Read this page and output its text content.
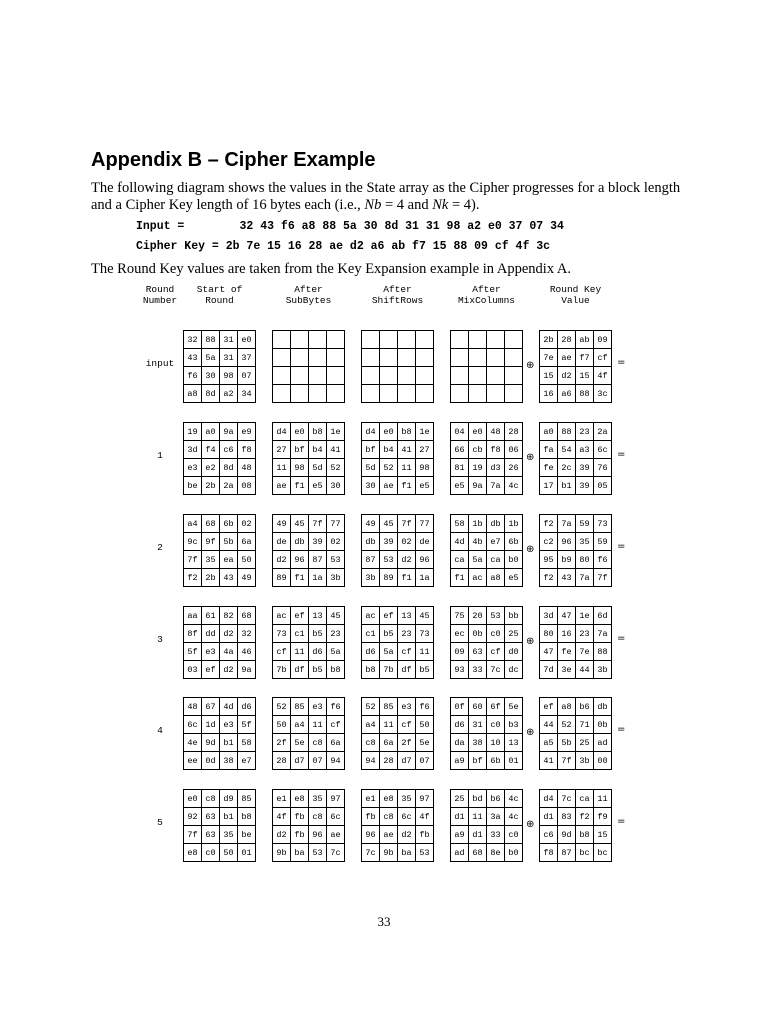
Appendix B – Cipher Example

The following diagram shows the values in the State array as the Cipher progresses for a block length and a Cipher Key length of 16 bytes each (i.e., Nb = 4 and Nk = 4).

Input =        32 43 f6 a8 88 5a 30 8d 31 31 98 a2 e0 37 07 34
Cipher Key = 2b 7e 15 16 28 ae d2 a6 ab f7 15 88 09 cf 4f 3c

The Round Key values are taken from the Key Expansion example in Appendix A.

Round
Number
Start of
Round
After
SubBytes
After
ShiftRows
After
MixColumns
Round Key
Value
input
32	88	31	e0
43	5a	31	37
f6	30	98	07
a8	8d	a2	34

2b	28	ab	09
7e	ae	f7	cf
15	d2	15	4f
16	a6	88	3c
⊕	=
1
19	a0	9a	e9
3d	f4	c6	f8
e3	e2	8d	48
be	2b	2a	08
d4	e0	b8	1e
27	bf	b4	41
11	98	5d	52
ae	f1	e5	30
d4	e0	b8	1e
bf	b4	41	27
5d	52	11	98
30	ae	f1	e5
04	e0	48	28
66	cb	f8	06
81	19	d3	26
e5	9a	7a	4c
a0	88	23	2a
fa	54	a3	6c
fe	2c	39	76
17	b1	39	05
⊕	=
2
a4	68	6b	02
9c	9f	5b	6a
7f	35	ea	50
f2	2b	43	49
49	45	7f	77
de	db	39	02
d2	96	87	53
89	f1	1a	3b
49	45	7f	77
db	39	02	de
87	53	d2	96
3b	89	f1	1a
58	1b	db	1b
4d	4b	e7	6b
ca	5a	ca	b0
f1	ac	a8	e5
f2	7a	59	73
c2	96	35	59
95	b9	80	f6
f2	43	7a	7f
⊕	=
3
aa	61	82	68
8f	dd	d2	32
5f	e3	4a	46
03	ef	d2	9a
ac	ef	13	45
73	c1	b5	23
cf	11	d6	5a
7b	df	b5	b8
ac	ef	13	45
c1	b5	23	73
d6	5a	cf	11
b8	7b	df	b5
75	20	53	bb
ec	0b	c0	25
09	63	cf	d0
93	33	7c	dc
3d	47	1e	6d
80	16	23	7a
47	fe	7e	88
7d	3e	44	3b
⊕	=
4
48	67	4d	d6
6c	1d	e3	5f
4e	9d	b1	58
ee	0d	38	e7
52	85	e3	f6
50	a4	11	cf
2f	5e	c8	6a
28	d7	07	94
52	85	e3	f6
a4	11	cf	50
c8	6a	2f	5e
94	28	d7	07
0f	60	6f	5e
d6	31	c0	b3
da	38	10	13
a9	bf	6b	01
ef	a8	b6	db
44	52	71	0b
a5	5b	25	ad
41	7f	3b	00
⊕	=
5
e0	c8	d9	85
92	63	b1	b8
7f	63	35	be
e8	c0	50	01
e1	e8	35	97
4f	fb	c8	6c
d2	fb	96	ae
9b	ba	53	7c
e1	e8	35	97
fb	c8	6c	4f
96	ae	d2	fb
7c	9b	ba	53
25	bd	b6	4c
d1	11	3a	4c
a9	d1	33	c0
ad	68	8e	b0
d4	7c	ca	11
d1	83	f2	f9
c6	9d	b8	15
f8	87	bc	bc
⊕	=
33
